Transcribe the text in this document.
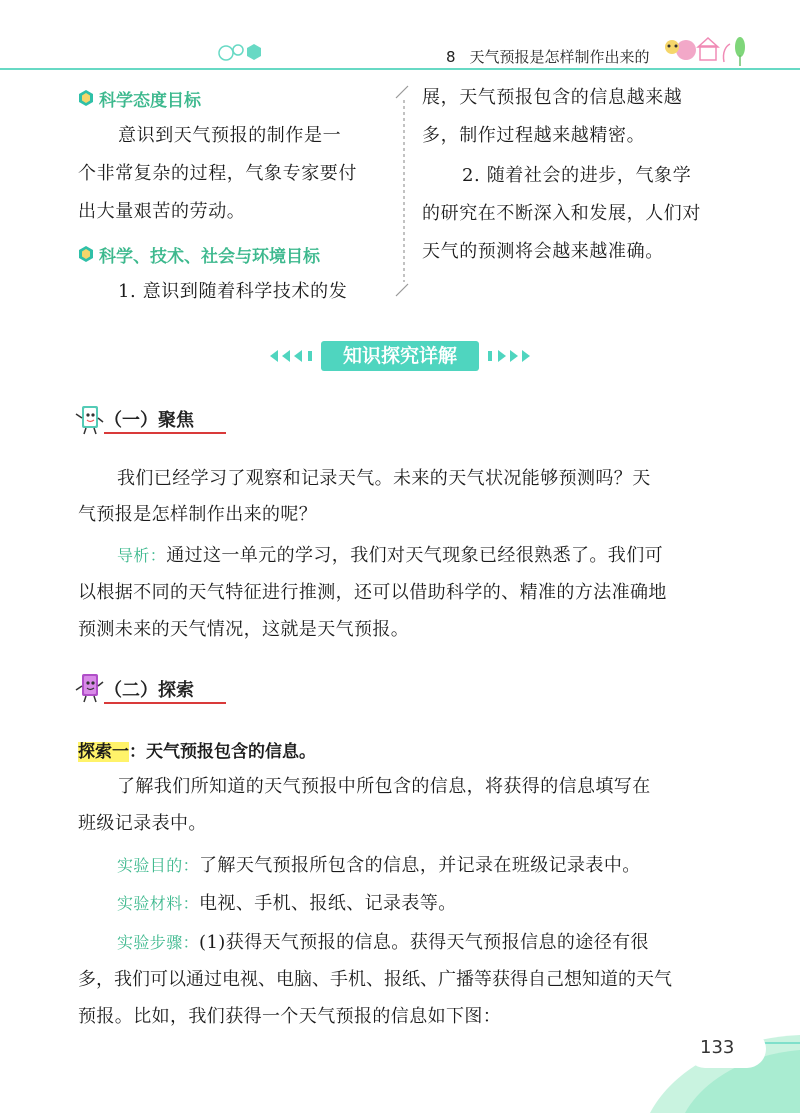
8 天气预报是怎样制作出来的
133
科学态度目标
意识到天气预报的制作是一
个非常复杂的过程，气象专家要付
出大量艰苦的劳动。
科学、技术、社会与环境目标
1. 意识到随着科学技术的发
展，天气预报包含的信息越来越
多，制作过程越来越精密。
2. 随着社会的进步，气象学
的研究在不断深入和发展，人们对
天气的预测将会越来越准确。
知识探究详解
（一）聚焦
我们已经学习了观察和记录天气。未来的天气状况能够预测吗？天
气预报是怎样制作出来的呢？
导析：通过这一单元的学习，我们对天气现象已经很熟悉了。我们可
以根据不同的天气特征进行推测，还可以借助科学的、精准的方法准确地
预测未来的天气情况，这就是天气预报。
（二）探索
探索一：天气预报包含的信息。
了解我们所知道的天气预报中所包含的信息，将获得的信息填写在
班级记录表中。
实验目的：了解天气预报所包含的信息，并记录在班级记录表中。
实验材料：电视、手机、报纸、记录表等。
实验步骤：(1)获得天气预报的信息。获得天气预报信息的途径有很
多，我们可以通过电视、电脑、手机、报纸、广播等获得自己想知道的天气
预报。比如，我们获得一个天气预报的信息如下图：
